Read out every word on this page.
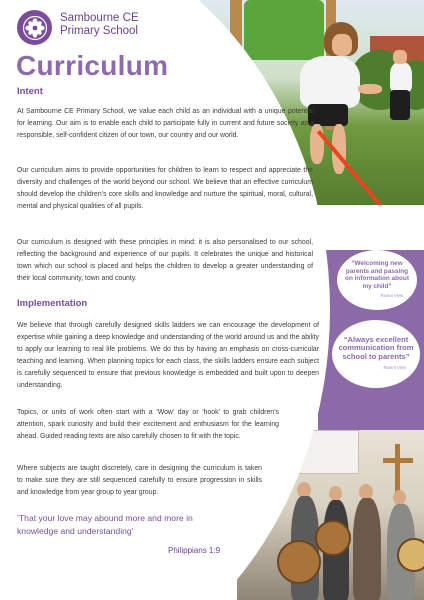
Sambourne CE
Primary School
Curriculum
Intent

At Sambourne CE Primary School, we value each child as an individual with a unique potential for learning. Our aim is to enable each child to participate fully in current and future society as a responsible, self-confident citizen of our town, our country and our world.

Our curriculum aims to provide opportunities for children to learn to respect and appreciate the diversity and challenges of the world beyond our school. We believe that an effective curriculum should develop the children’s core skills and knowledge and nurture the spiritual, moral, cultural, mental and physical qualities of all pupils.

Our curriculum is designed with these principles in mind: it is also personalised to our school, reflecting the background and experience of our pupils. It celebrates the unique and historical town which our school is placed and helps the children to develop a greater understanding of their local community, town and county.

Implementation

We believe that through carefully designed skills ladders we can encourage the development of expertise while gaining a deep knowledge and understanding of the world around us and the ability to apply our learning to real life problems. We do this by having an emphasis on cross-curricular teaching and learning. When planning topics for each class, the skills ladders ensure each subject is carefully sequenced to ensure that previous knowledge is embedded and built upon to deepen understanding.

Topics, or units of work often start with a ‘Wow’ day or ‘hook’ to grab children’s attention, spark curiosity and build their excitement and enthusiasm for the learning ahead. Guided reading texts are also carefully chosen to fit with the topic.

Where subjects are taught discretely, care in designing the curriculum is taken to make sure they are still sequenced carefully to ensure progression in skills and knowledge from year group to year group.

‘That your love may abound more and more in knowledge and understanding’
Philippians 1:9
“Welcoming new parents and passing on information about my child”
Parent View
“Always excellent communication from school to parents”
Parent View
